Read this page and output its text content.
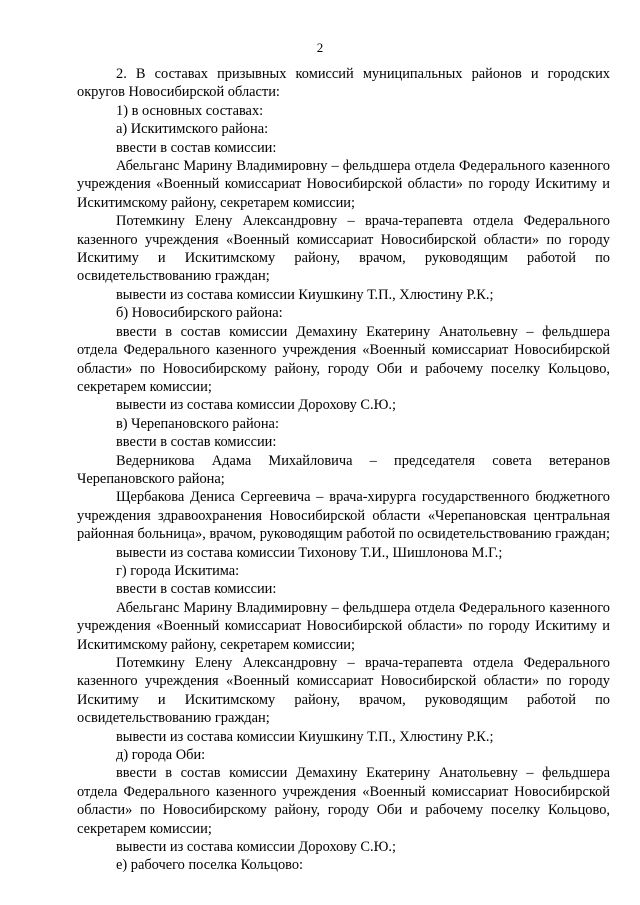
2

2. В составах призывных комиссий муниципальных районов и городских округов Новосибирской области:

1) в основных составах:

а) Искитимского района:

ввести в состав комиссии:

Абельганс Марину Владимировну – фельдшера отдела Федерального казенного учреждения «Военный комиссариат Новосибирской области» по городу Искитиму и Искитимскому району, секретарем комиссии;

Потемкину Елену Александровну – врача-терапевта отдела Федерального казенного учреждения «Военный комиссариат Новосибирской области» по городу Искитиму и Искитимскому району, врачом, руководящим работой по освидетельствованию граждан;

вывести из состава комиссии Киушкину Т.П., Хлюстину Р.К.;

б) Новосибирского района:

ввести в состав комиссии Демахину Екатерину Анатольевну – фельдшера отдела Федерального казенного учреждения «Военный комиссариат Новосибирской области» по Новосибирскому району, городу Оби и рабочему поселку Кольцово, секретарем комиссии;

вывести из состава комиссии Дорохову С.Ю.;

в) Черепановского района:

ввести в состав комиссии:

Ведерникова Адама Михайловича – председателя совета ветеранов Черепановского района;

Щербакова Дениса Сергеевича – врача-хирурга государственного бюджетного учреждения здравоохранения Новосибирской области «Черепановская центральная районная больница», врачом, руководящим работой по освидетельствованию граждан;

вывести из состава комиссии Тихонову Т.И., Шишлонова М.Г.;

г) города Искитима:

ввести в состав комиссии:

Абельганс Марину Владимировну – фельдшера отдела Федерального казенного учреждения «Военный комиссариат Новосибирской области» по городу Искитиму и Искитимскому району, секретарем комиссии;

Потемкину Елену Александровну – врача-терапевта отдела Федерального казенного учреждения «Военный комиссариат Новосибирской области» по городу Искитиму и Искитимскому району, врачом, руководящим работой по освидетельствованию граждан;

вывести из состава комиссии Киушкину Т.П., Хлюстину Р.К.;

д) города Оби:

ввести в состав комиссии Демахину Екатерину Анатольевну – фельдшера отдела Федерального казенного учреждения «Военный комиссариат Новосибирской области» по Новосибирскому району, городу Оби и рабочему поселку Кольцово, секретарем комиссии;

вывести из состава комиссии Дорохову С.Ю.;

е) рабочего поселка Кольцово:
